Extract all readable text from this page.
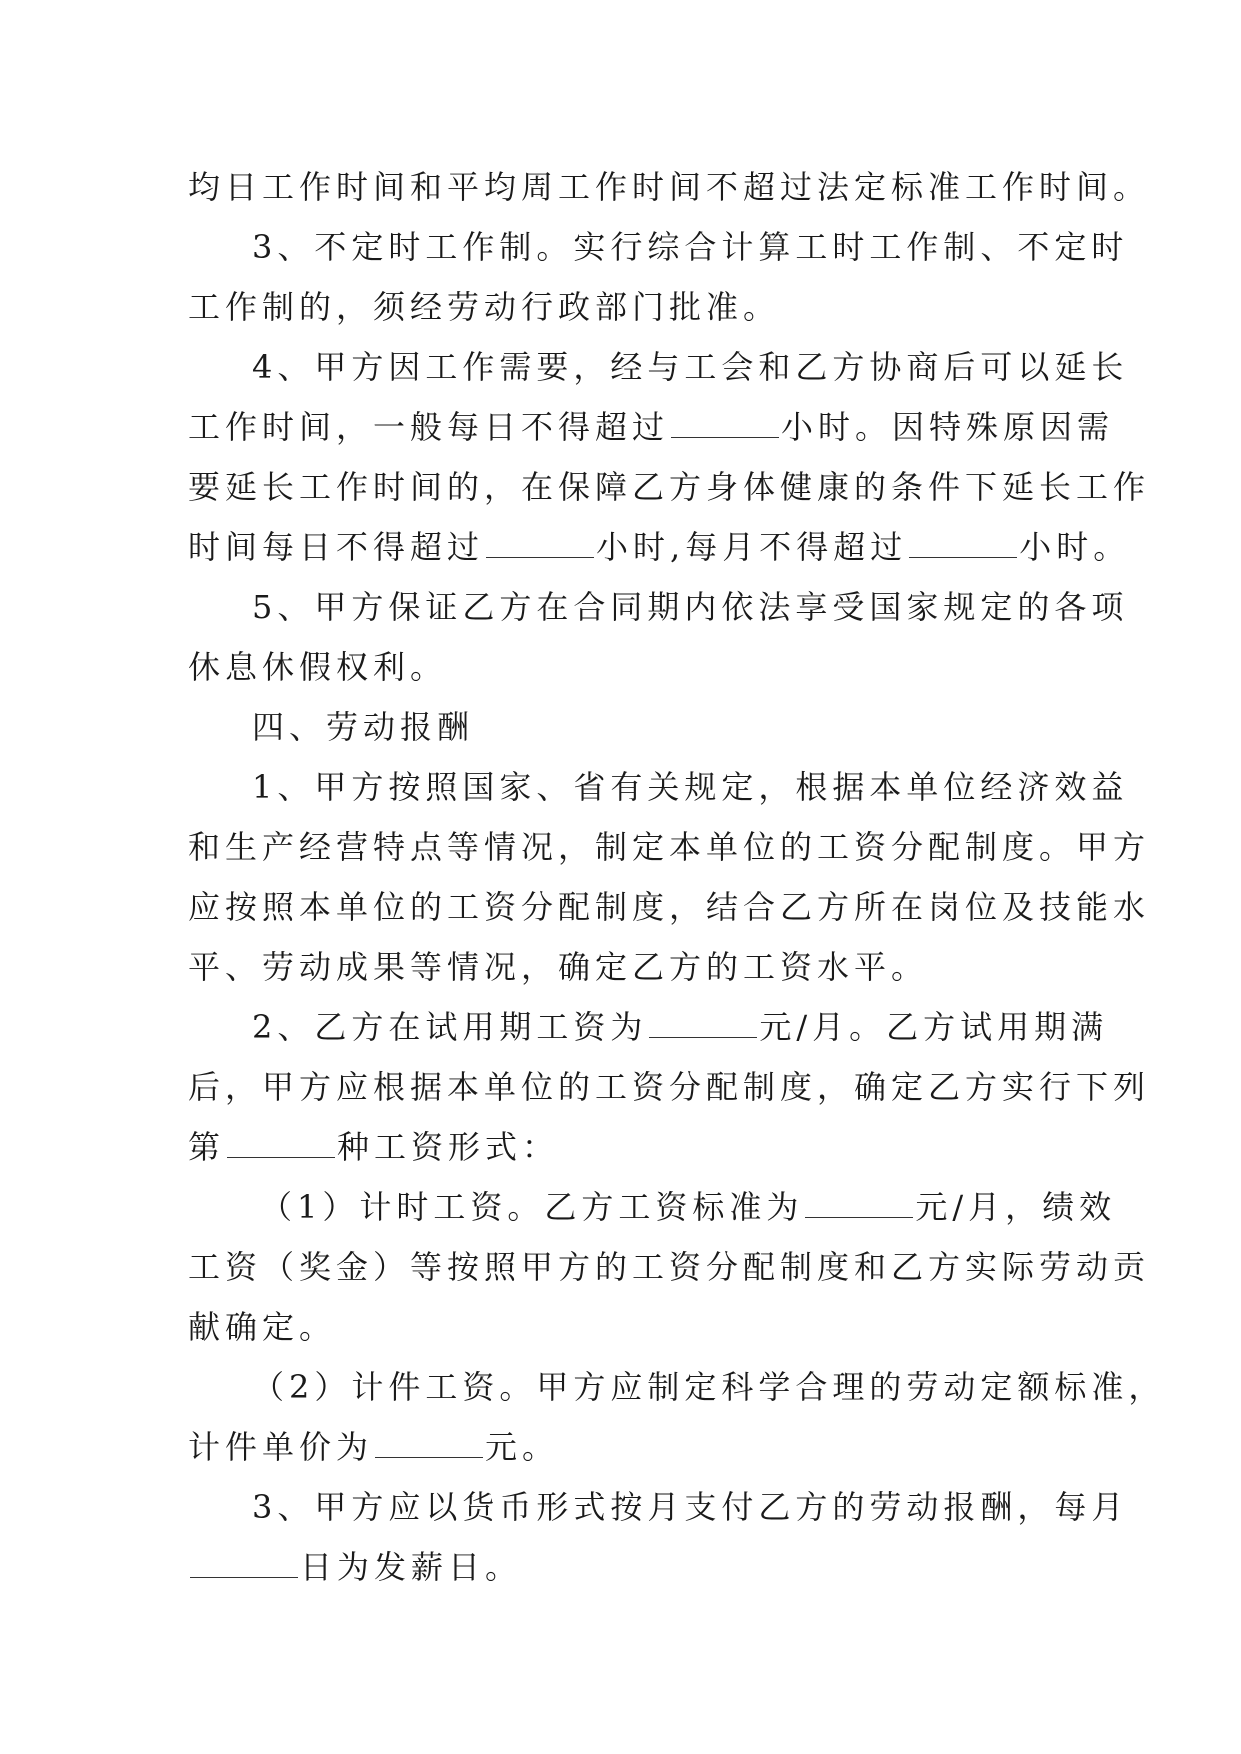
均日工作时间和平均周工作时间不超过法定标准工作时间。
3、不定时工作制。实行综合计算工时工作制、不定时
工作制的，须经劳动行政部门批准。
4、甲方因工作需要，经与工会和乙方协商后可以延长
工作时间，一般每日不得超过	小时。因特殊原因需
要延长工作时间的，在保障乙方身体健康的条件下延长工作
时间每日不得超过	小时,每月不得超过	小时。
5、甲方保证乙方在合同期内依法享受国家规定的各项
休息休假权利。
四、劳动报酬
1、甲方按照国家、省有关规定，根据本单位经济效益
和生产经营特点等情况，制定本单位的工资分配制度。甲方
应按照本单位的工资分配制度，结合乙方所在岗位及技能水
平、劳动成果等情况，确定乙方的工资水平。
2、乙方在试用期工资为	元/月。乙方试用期满
后，甲方应根据本单位的工资分配制度，确定乙方实行下列
第	种工资形式：
（1）计时工资。乙方工资标准为	元/月，绩效
工资（奖金）等按照甲方的工资分配制度和乙方实际劳动贡
献确定。
（2）计件工资。甲方应制定科学合理的劳动定额标准，
计件单价为	元。
3、甲方应以货币形式按月支付乙方的劳动报酬，每月
日为发薪日。
